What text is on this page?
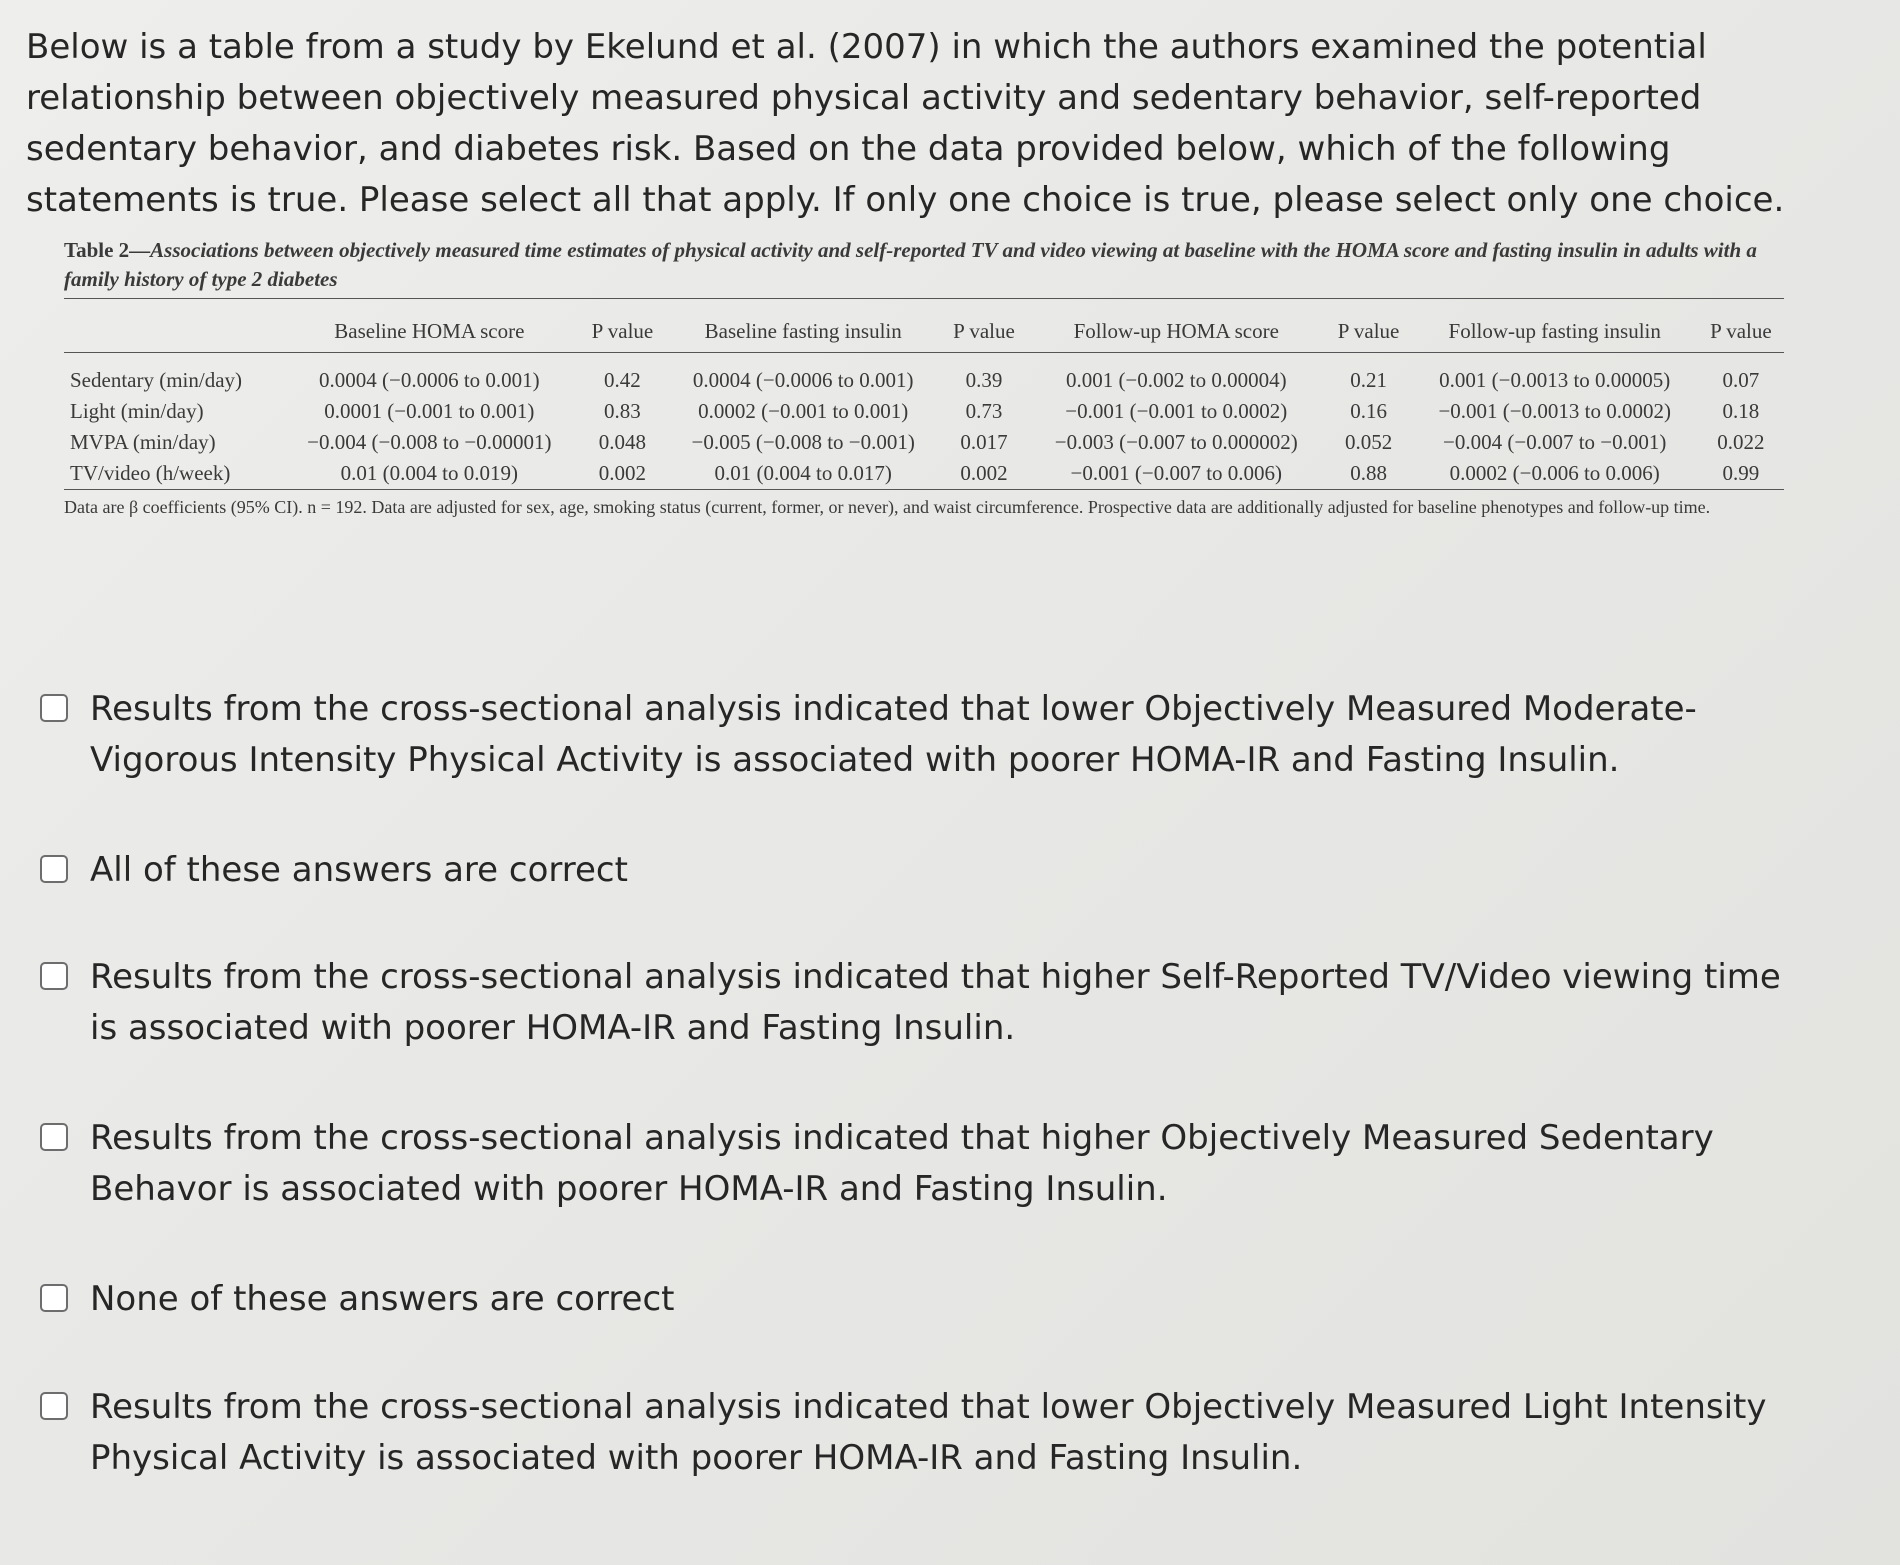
Below is a table from a study by Ekelund et al. (2007) in which the authors examined the potential relationship between objectively measured physical activity and sedentary behavior, self-reported sedentary behavior, and diabetes risk. Based on the data provided below, which of the following statements is true. Please select all that apply. If only one choice is true, please select only one choice.

Table 2—Associations between objectively measured time estimates of physical activity and self-reported TV and video viewing at baseline with the HOMA score and fasting insulin in adults with a family history of type 2 diabetes
	Baseline HOMA score	P value	Baseline fasting insulin	P value	Follow-up HOMA score	P value	Follow-up fasting insulin	P value
Sedentary (min/day)	0.0004 (−0.0006 to 0.001)	0.42	0.0004 (−0.0006 to 0.001)	0.39	0.001 (−0.002 to 0.00004)	0.21	0.001 (−0.0013 to 0.00005)	0.07
Light (min/day)	0.0001 (−0.001 to 0.001)	0.83	0.0002 (−0.001 to 0.001)	0.73	−0.001 (−0.001 to 0.0002)	0.16	−0.001 (−0.0013 to 0.0002)	0.18
MVPA (min/day)	−0.004 (−0.008 to −0.00001)	0.048	−0.005 (−0.008 to −0.001)	0.017	−0.003 (−0.007 to 0.000002)	0.052	−0.004 (−0.007 to −0.001)	0.022
TV/video (h/week)	0.01 (0.004 to 0.019)	0.002	0.01 (0.004 to 0.017)	0.002	−0.001 (−0.007 to 0.006)	0.88	0.0002 (−0.006 to 0.006)	0.99
Data are β coefficients (95% CI). n = 192. Data are adjusted for sex, age, smoking status (current, former, or never), and waist circumference. Prospective data are additionally adjusted for baseline phenotypes and follow-up time.
Results from the cross-sectional analysis indicated that lower Objectively Measured Moderate-Vigorous Intensity Physical Activity is associated with poorer HOMA-IR and Fasting Insulin.
All of these answers are correct
Results from the cross-sectional analysis indicated that higher Self-Reported TV/Video viewing time is associated with poorer HOMA-IR and Fasting Insulin.
Results from the cross-sectional analysis indicated that higher Objectively Measured Sedentary Behavor is associated with poorer HOMA-IR and Fasting Insulin.
None of these answers are correct
Results from the cross-sectional analysis indicated that lower Objectively Measured Light Intensity Physical Activity is associated with poorer HOMA-IR and Fasting Insulin.
